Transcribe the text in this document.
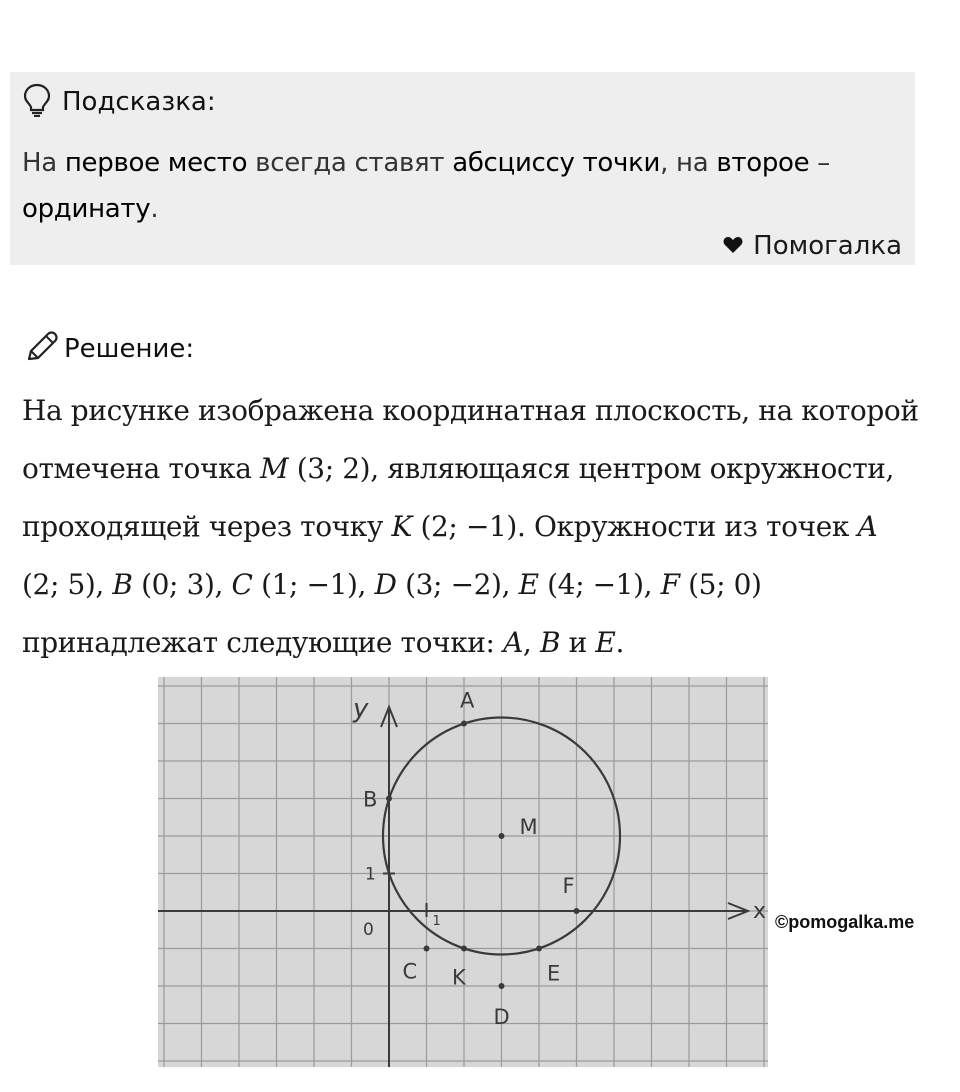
Подсказка:
На первое место всегда ставят абсциссу точки, на второе – ординату.
Помогалка
Решение:
На рисунке изображена координатная плоскость, на которой отмечена точка M (3; 2), являющаяся центром окружности, проходящей через точку K (2; −1). Окружности из точек A (2; 5), B (0; 3), C (1; −1), D (3; −2), E (4; −1), F (5; 0) принадлежат следующие точки: A, B и E.
x
y
0	1
1
A
B
M
F
C K	E
D
©pomogalka.me
